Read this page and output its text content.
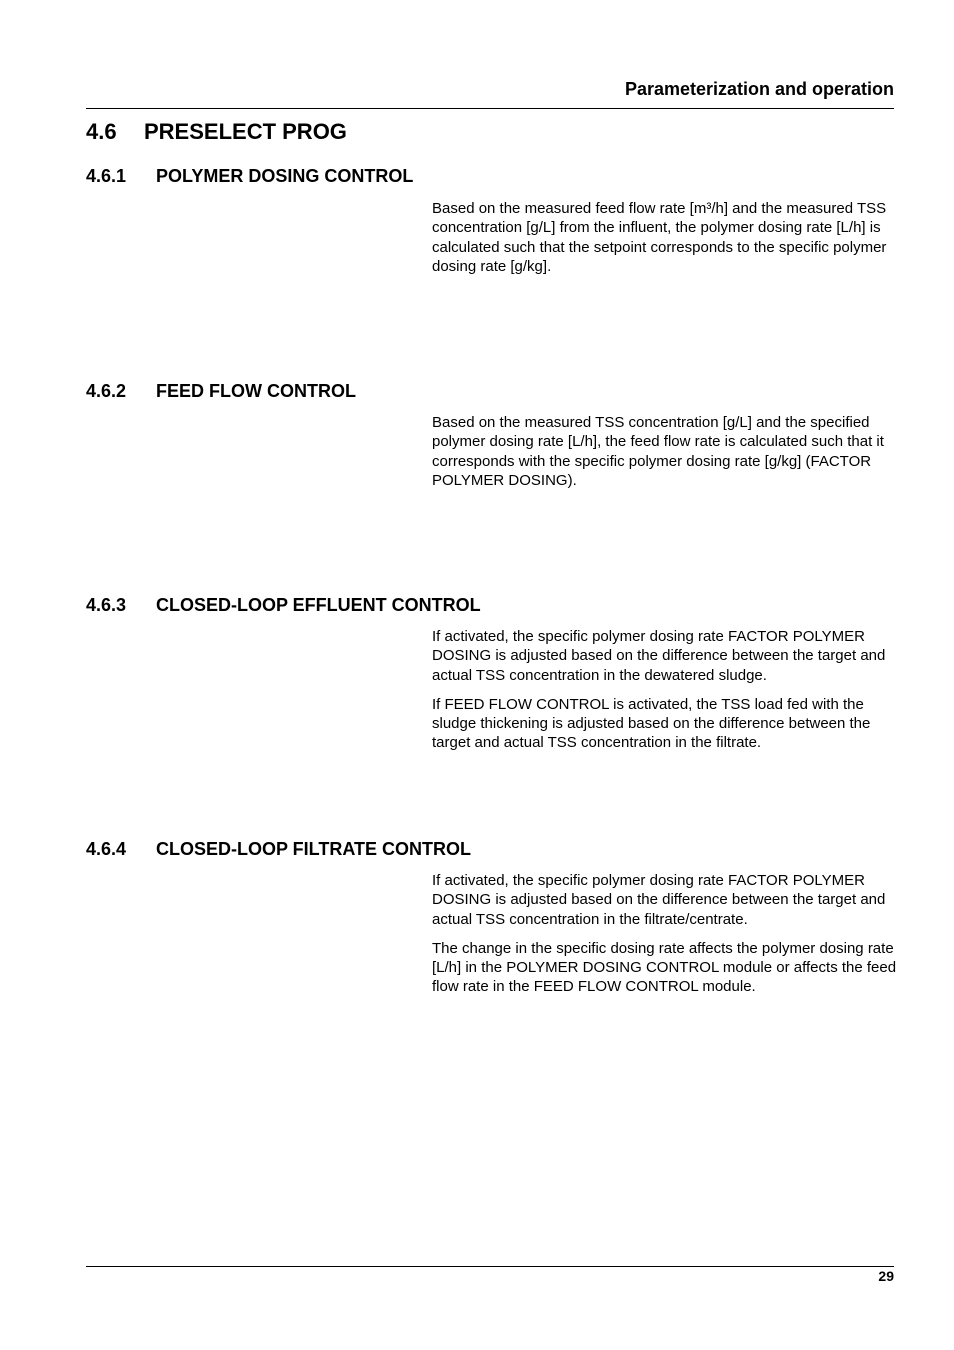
Parameterization and operation
4.6 PRESELECT PROG
4.6.1 POLYMER DOSING CONTROL

Based on the measured feed flow rate [m³/h] and the measured TSS concentration [g/L] from the influent, the polymer dosing rate [L/h] is calculated such that the setpoint corresponds to the specific polymer dosing rate [g/kg].

4.6.2 FEED FLOW CONTROL

Based on the measured TSS concentration [g/L] and the specified polymer dosing rate [L/h], the feed flow rate is calculated such that it corresponds with the specific polymer dosing rate [g/kg] (FACTOR POLYMER DOSING).

4.6.3 CLOSED-LOOP EFFLUENT CONTROL

If activated, the specific polymer dosing rate FACTOR POLYMER DOSING is adjusted based on the difference between the target and actual TSS concentration in the dewatered sludge.

If FEED FLOW CONTROL is activated, the TSS load fed with the sludge thickening is adjusted based on the difference between the target and actual TSS concentration in the filtrate.

4.6.4 CLOSED-LOOP FILTRATE CONTROL

If activated, the specific polymer dosing rate FACTOR POLYMER DOSING is adjusted based on the difference between the target and actual TSS concentration in the filtrate/centrate.

The change in the specific dosing rate affects the polymer dosing rate [L/h] in the POLYMER DOSING CONTROL module or affects the feed flow rate in the FEED FLOW CONTROL module.

29
